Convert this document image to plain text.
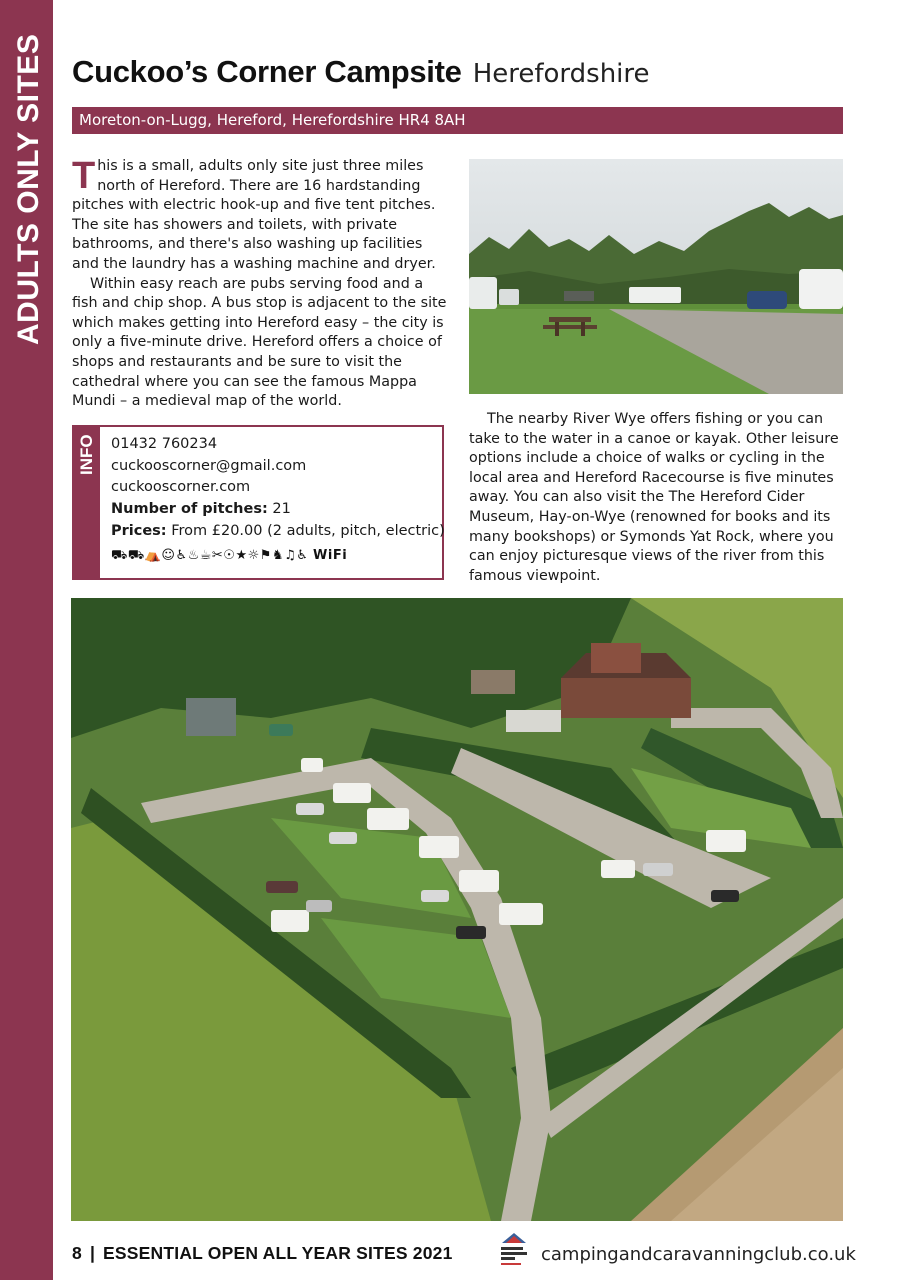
ADULTS ONLY SITES Cuckoo’s Corner Campsite Herefordshire
Moreton-on-Lugg, Hereford, Herefordshire HR4 8AH

This is a small, adults only site just three miles north of Hereford. There are 16 hardstanding pitches with electric hook-up and five tent pitches. The site has showers and toilets, with private bathrooms, and there's also washing up facilities and the laundry has a washing machine and dryer.

Within easy reach are pubs serving food and a fish and chip shop. A bus stop is adjacent to the site which makes getting into Hereford easy – the city is only a five-minute drive. Hereford offers a choice of shops and restaurants and be sure to visit the cathedral where you can see the famous Mappa Mundi – a medieval map of the world.

INFO 01432 760234
cuckooscorner@gmail.com
cuckooscorner.com
Number of pitches: 21
Prices: From £20.00 (2 adults, pitch, electric)
⛟⛟⛺☺♿♨☕✂☉★☼⚑♞♫♿ WiFi

The nearby River Wye offers fishing or you can take to the water in a canoe or kayak. Other leisure options include a choice of walks or cycling in the local area and Hereford Racecourse is five minutes away. You can also visit the The Hereford Cider Museum, Hay-on-Wye (renowned for books and its many bookshops) or Symonds Yat Rock, where you can enjoy picturesque views of the river from this famous viewpoint.

8 | ESSENTIAL OPEN ALL YEAR SITES 2021	campingandcaravanningclub.co.uk
